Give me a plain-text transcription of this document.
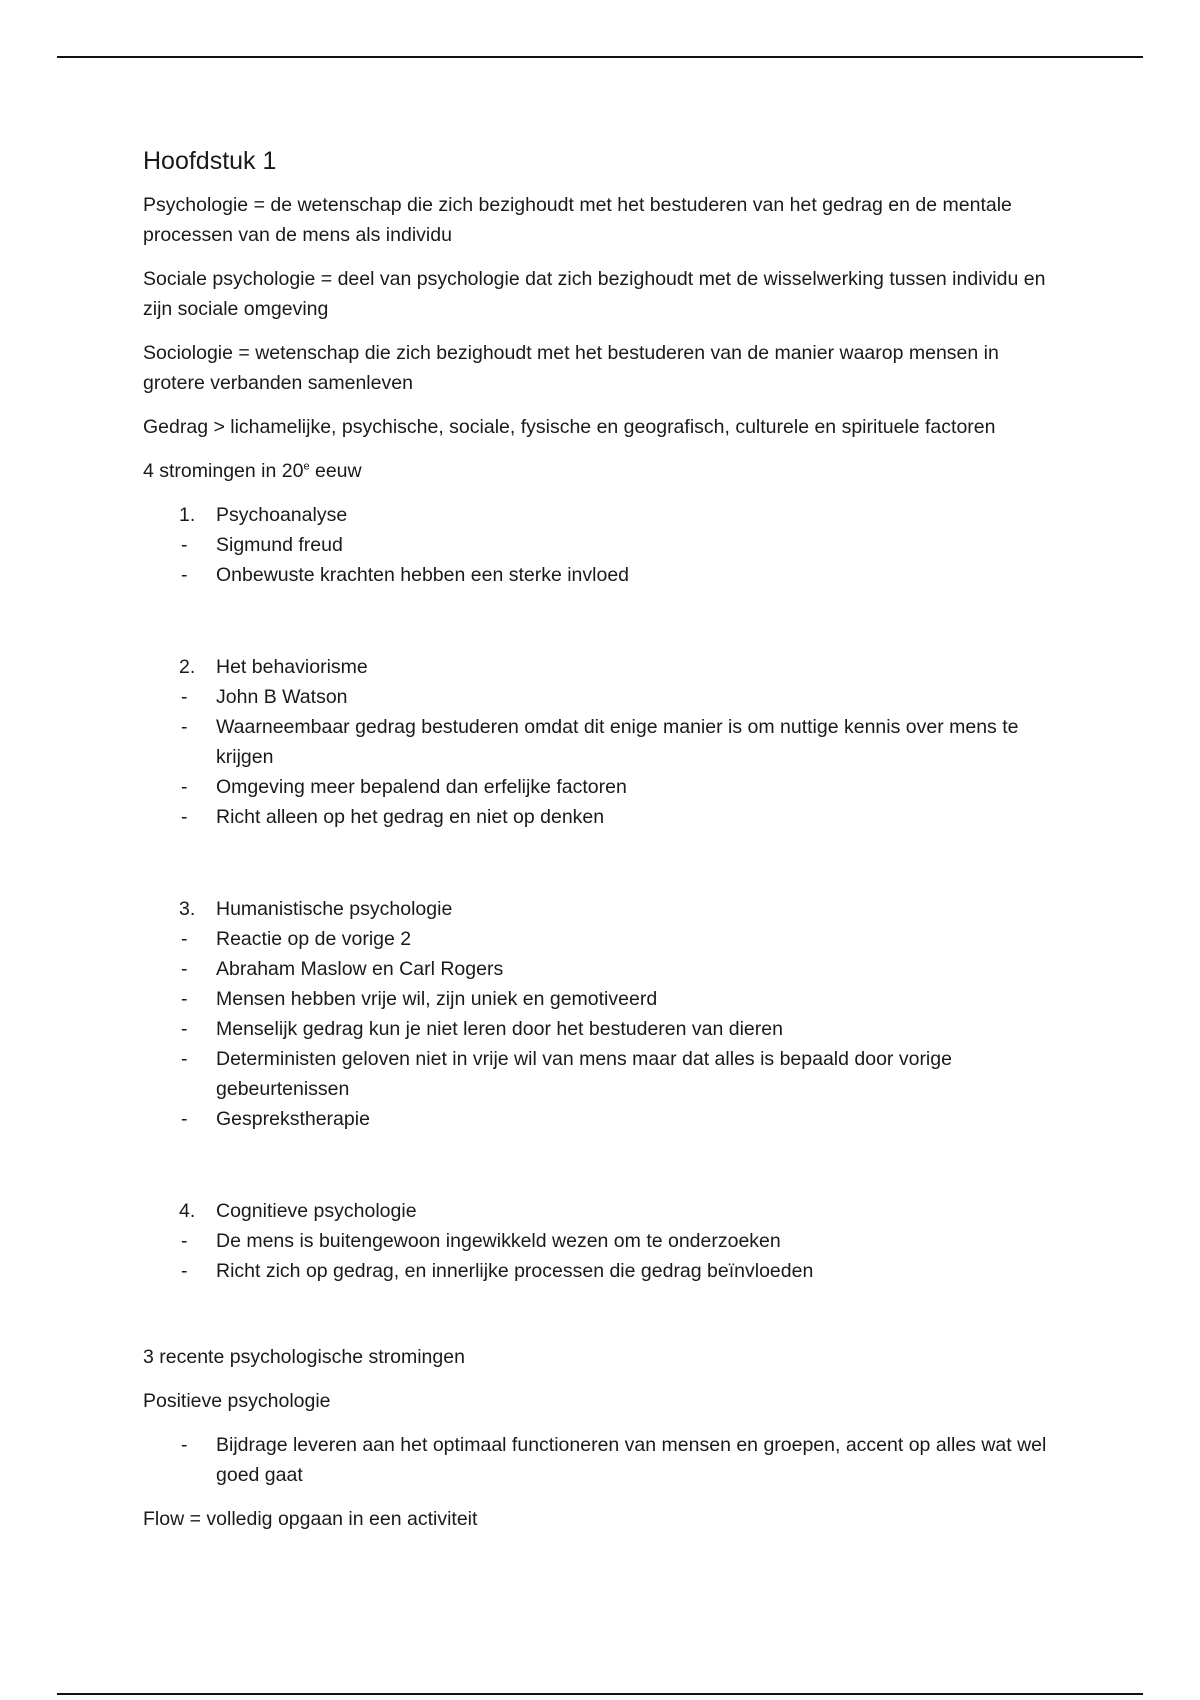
Hoofdstuk 1

Psychologie = de wetenschap die zich bezighoudt met het bestuderen van het gedrag en de mentale processen van de mens als individu

Sociale psychologie = deel van psychologie dat zich bezighoudt met de wisselwerking tussen individu en zijn sociale omgeving

Sociologie = wetenschap die zich bezighoudt met het bestuderen van de manier waarop mensen in grotere verbanden samenleven

Gedrag > lichamelijke, psychische, sociale, fysische en geografisch, culturele en spirituele factoren

4 stromingen in 20e eeuw

1.	Psychoanalyse
-	Sigmund freud
-	Onbewuste krachten hebben een sterke invloed
2.	Het behaviorisme
-	John B Watson
-	Waarneembaar gedrag bestuderen omdat dit enige manier is om nuttige kennis over mens te krijgen
-	Omgeving meer bepalend dan erfelijke factoren
-	Richt alleen op het gedrag en niet op denken
3.	Humanistische psychologie
-	Reactie op de vorige 2
-	Abraham Maslow en Carl Rogers
-	Mensen hebben vrije wil, zijn uniek en gemotiveerd
-	Menselijk gedrag kun je niet leren door het bestuderen van dieren
-	Deterministen geloven niet in vrije wil van mens maar dat alles is bepaald door vorige gebeurtenissen
-	Gesprekstherapie
4.	Cognitieve psychologie
-	De mens is buitengewoon ingewikkeld wezen om te onderzoeken
-	Richt zich op gedrag, en innerlijke processen die gedrag beïnvloeden

3 recente psychologische stromingen

Positieve psychologie

-	Bijdrage leveren aan het optimaal functioneren van mensen en groepen, accent op alles wat wel goed gaat

Flow = volledig opgaan in een activiteit
